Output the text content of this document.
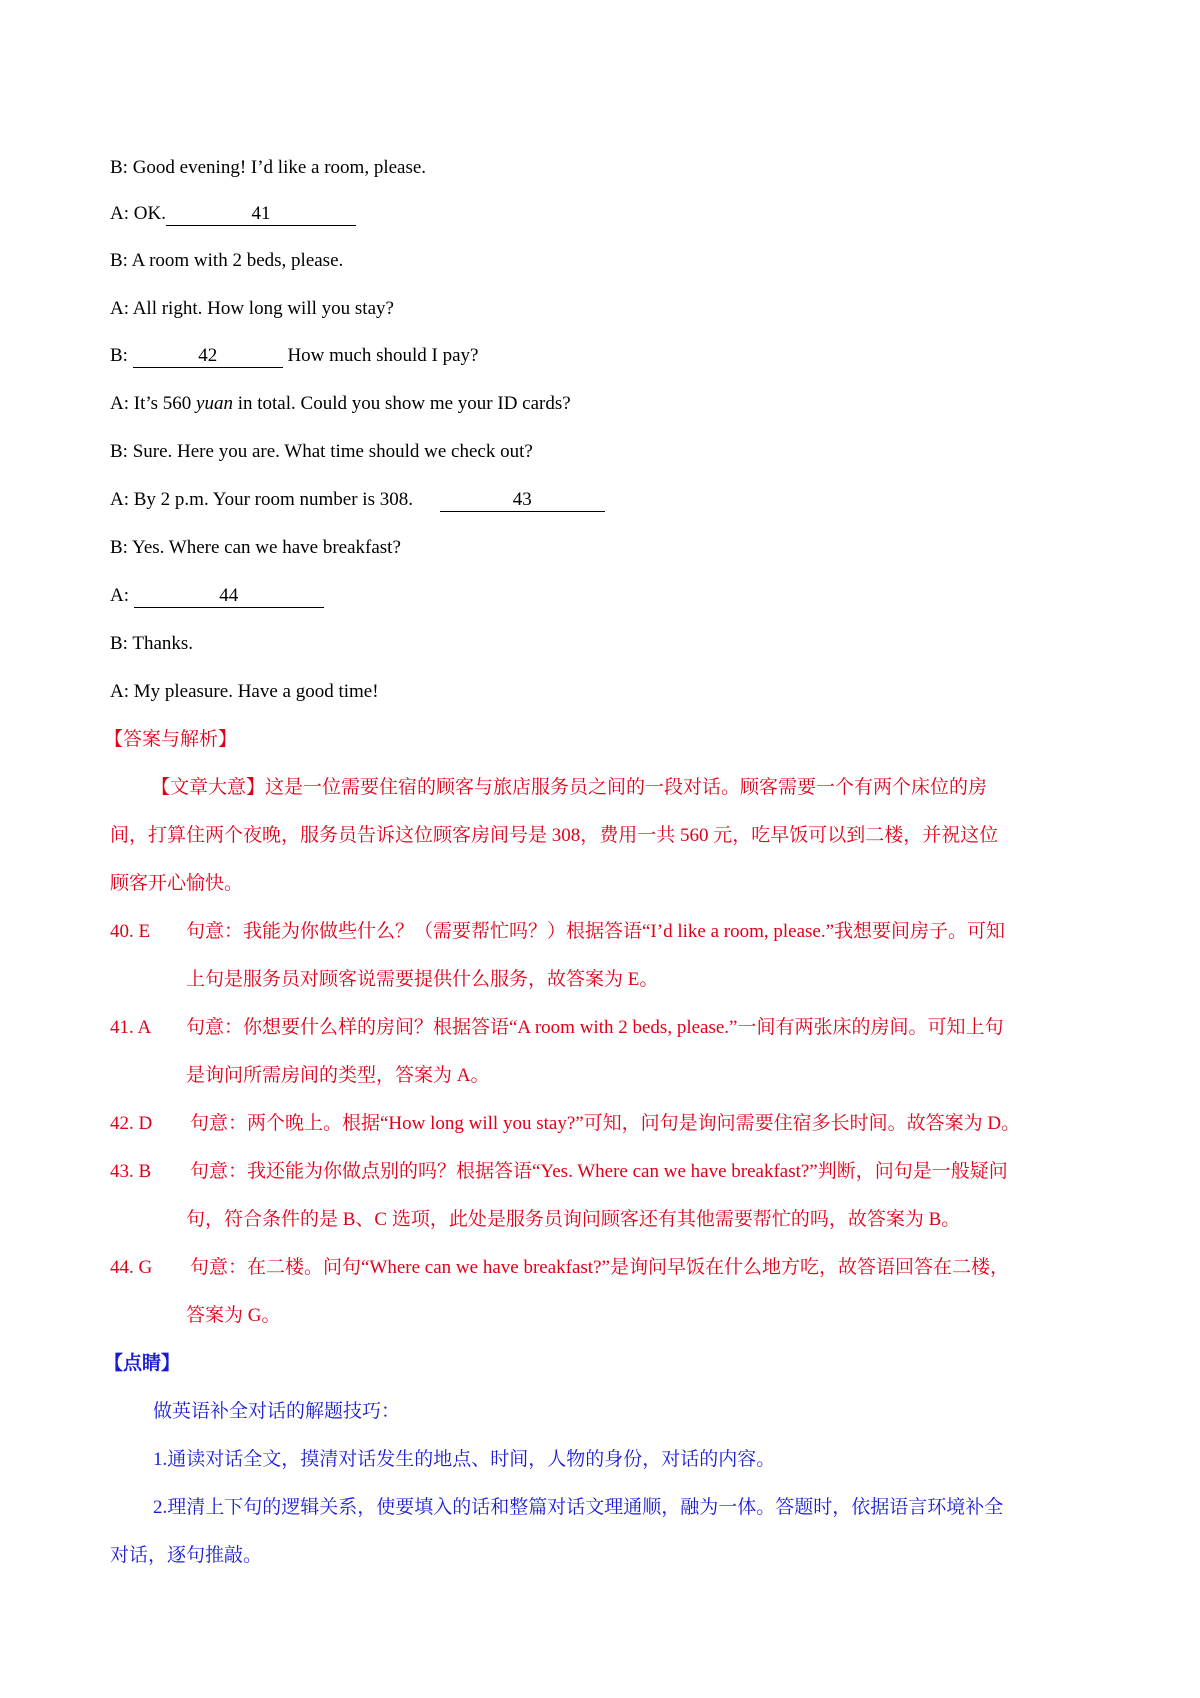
B: Good evening! I’d like a room, please.
A: OK.	41
B: A room with 2 beds, please.
A: All right. How long will you stay?
B:	42	How much should I pay?
A: It’s 560 yuan in total. Could you show me your ID cards?
B: Sure. Here you are. What time should we check out?
A: By 2 p.m. Your room number is 308.	43
B: Yes. Where can we have breakfast?
A:	44
B: Thanks.
A: My pleasure. Have a good time!
【答案与解析】
【文章大意】这是一位需要住宿的顾客与旅店服务员之间的一段对话。顾客需要一个有两个床位的房
间，打算住两个夜晚，服务员告诉这位顾客房间号是 308，费用一共 560 元，吃早饭可以到二楼，并祝这位
顾客开心愉快。
40. E 句意：我能为你做些什么？（需要帮忙吗？）根据答语“I’d like a room, please.”我想要间房子。可知
上句是服务员对顾客说需要提供什么服务，故答案为 E。
41. A 句意：你想要什么样的房间？根据答语“A room with 2 beds, please.”一间有两张床的房间。可知上句
是询问所需房间的类型，答案为 A。
42. D 句意：两个晚上。根据“How long will you stay?”可知，问句是询问需要住宿多长时间。故答案为 D。
43. B 句意：我还能为你做点别的吗？根据答语“Yes. Where can we have breakfast?”判断，问句是一般疑问
句，符合条件的是 B、C 选项，此处是服务员询问顾客还有其他需要帮忙的吗，故答案为 B。
44. G 句意：在二楼。问句“Where can we have breakfast?”是询问早饭在什么地方吃，故答语回答在二楼，
答案为 G。
【点睛】
做英语补全对话的解题技巧：
1.通读对话全文，摸清对话发生的地点、时间，人物的身份，对话的内容。
2.理清上下句的逻辑关系，使要填入的话和整篇对话文理通顺，融为一体。答题时，依据语言环境补全
对话，逐句推敲。
